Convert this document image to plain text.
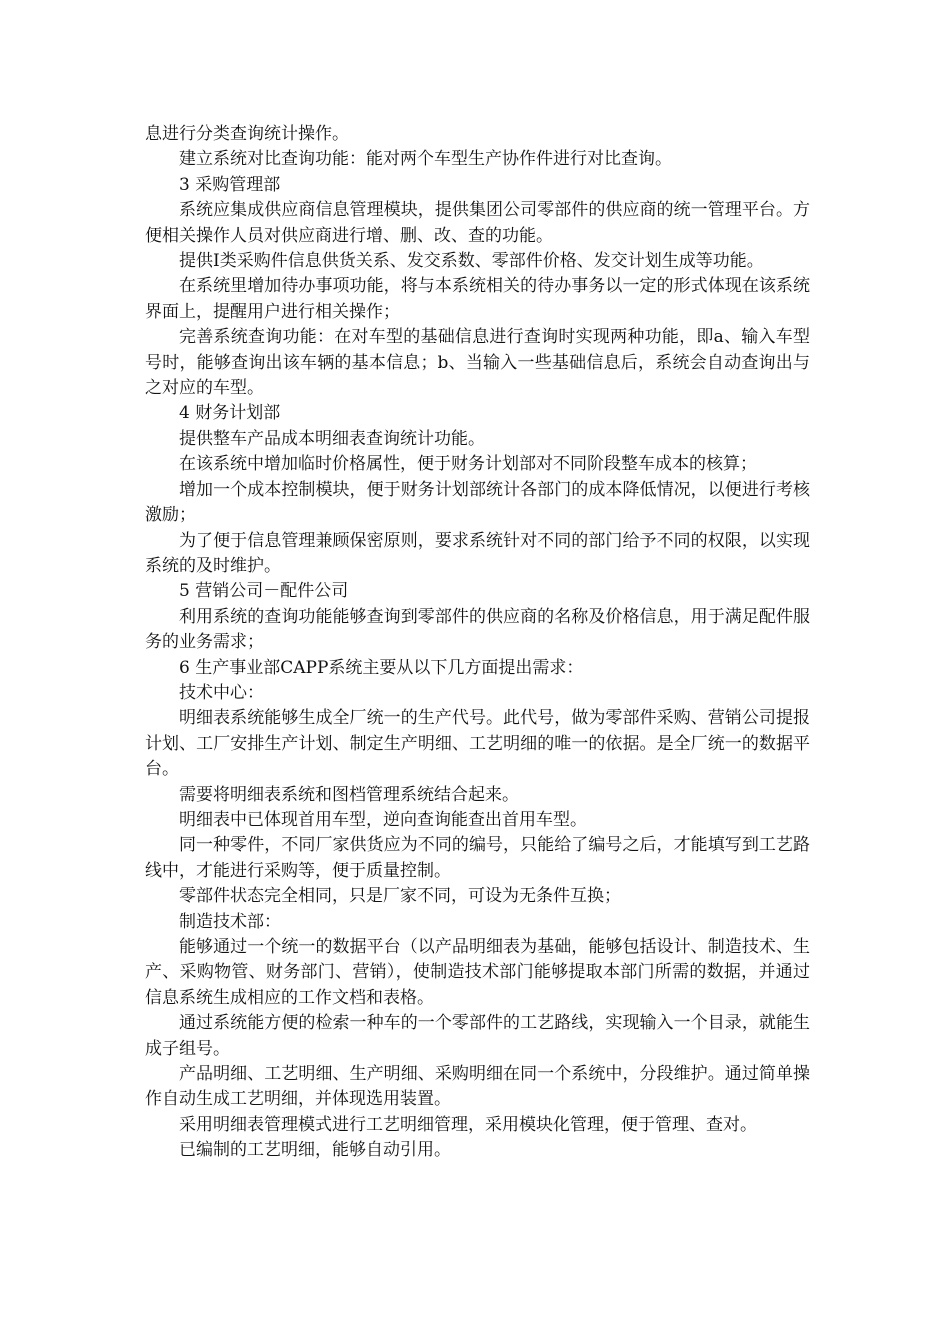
息进行分类查询统计操作。

建立系统对比查询功能：能对两个车型生产协作件进行对比查询。

3 采购管理部

系统应集成供应商信息管理模块，提供集团公司零部件的供应商的统一管理平台。方便相关操作人员对供应商进行增、删、改、查的功能。

提供I类采购件信息供货关系、发交系数、零部件价格、发交计划生成等功能。

在系统里增加待办事项功能，将与本系统相关的待办事务以一定的形式体现在该系统界面上，提醒用户进行相关操作；

完善系统查询功能：在对车型的基础信息进行查询时实现两种功能，即a、输入车型号时，能够查询出该车辆的基本信息；b、当输入一些基础信息后，系统会自动查询出与之对应的车型。

4 财务计划部

提供整车产品成本明细表查询统计功能。

在该系统中增加临时价格属性，便于财务计划部对不同阶段整车成本的核算；

增加一个成本控制模块，便于财务计划部统计各部门的成本降低情况，以便进行考核激励；

为了便于信息管理兼顾保密原则，要求系统针对不同的部门给予不同的权限，以实现系统的及时维护。

5 营销公司－配件公司

利用系统的查询功能能够查询到零部件的供应商的名称及价格信息，用于满足配件服务的业务需求；

6 生产事业部CAPP系统主要从以下几方面提出需求：

技术中心：

明细表系统能够生成全厂统一的生产代号。此代号，做为零部件采购、营销公司提报计划、工厂安排生产计划、制定生产明细、工艺明细的唯一的依据。是全厂统一的数据平台。

需要将明细表系统和图档管理系统结合起来。

明细表中已体现首用车型，逆向查询能查出首用车型。

同一种零件，不同厂家供货应为不同的编号，只能给了编号之后，才能填写到工艺路线中，才能进行采购等，便于质量控制。

零部件状态完全相同，只是厂家不同，可设为无条件互换；

制造技术部：

能够通过一个统一的数据平台（以产品明细表为基础，能够包括设计、制造技术、生产、采购物管、财务部门、营销），使制造技术部门能够提取本部门所需的数据，并通过信息系统生成相应的工作文档和表格。

通过系统能方便的检索一种车的一个零部件的工艺路线，实现输入一个目录，就能生成子组号。

产品明细、工艺明细、生产明细、采购明细在同一个系统中，分段维护。通过简单操作自动生成工艺明细，并体现选用装置。

采用明细表管理模式进行工艺明细管理，采用模块化管理，便于管理、查对。

已编制的工艺明细，能够自动引用。
